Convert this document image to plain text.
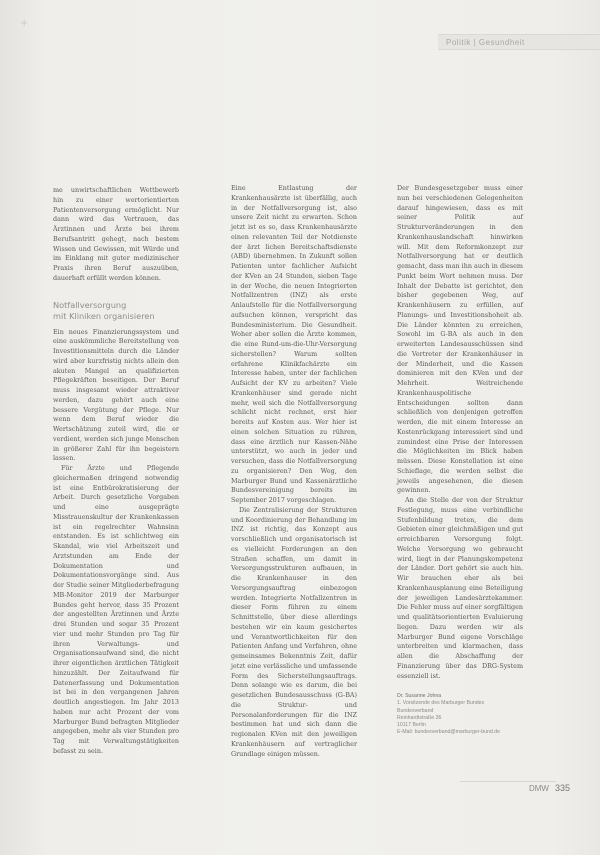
+
Politik | Gesundheit

me unwirtschaftlichen Wettbewerb hin zu einer wertorientierten Patientenversorgung ermöglicht. Nur dann wird das Vertrauen, das Ärztinnen und Ärzte bei ihrem Berufsantritt gehegt, nach bestem Wissen und Gewissen, mit Würde und im Einklang mit guter medizinischer Praxis ihren Beruf auszuüben, dauerhaft erfüllt werden können.

Notfallversorgung
mit Kliniken organisieren

Ein neues Finanzierungssystem und eine auskömmliche Bereitstellung von Investitionsmitteln durch die Länder wird aber kurzfristig nichts allein den akuten Mangel an qualifizierten Pflegekräften beseitigen. Der Beruf muss insgesamt wieder attraktiver werden, dazu gehört auch eine bessere Vergütung der Pflege. Nur wenn dem Beruf wieder die Wertschätzung zuteil wird, die er verdient, werden sich junge Menschen in größerer Zahl für ihn begeistern lassen.

Für Ärzte und Pflegende gleichermaßen dringend notwendig ist eine Entbürokratisierung der Arbeit. Durch gesetzliche Vorgaben und eine ausgeprägte Misstrauenskultur der Krankenkassen ist ein regelrechter Wahnsinn entstanden. Es ist schlichtweg ein Skandal, wie viel Arbeitszeit und Arztstunden am Ende der Dokumentation und Dokumentationsvorgänge sind. Aus der Studie seiner Mitgliederbefragung MB-Monitor 2019 der Marburger Bundes geht hervor, dass 35 Prozent der angestellten Ärztinnen und Ärzte drei Stunden und sogar 35 Prozent vier und mehr Stunden pro Tag für ihren Verwaltungs- und Organisationsaufwand sind, die nicht ihrer eigentlichen ärztlichen Tätigkeit hinzuzählt. Der Zeitaufwand für Datenerfassung und Dokumentation ist bei in den vergangenen Jahren deutlich angestiegen. Im Jahr 2013 haben nur acht Prozent der vom Marburger Bund befragten Mitglieder angegeben, mehr als vier Stunden pro Tag mit Verwaltungstätigkeiten befasst zu sein.

Eine Entlastung der Krankenhausärzte ist überfällig, auch in der Notfallversorgung ist, also unsere Zeit nicht zu erwarten. Schon jetzt ist es so, dass Krankenhausärzte einen relevanten Teil der Notdienste der ärzt lichen Bereitschaftsdienste (ABD) übernehmen. In Zukunft sollen Patienten unter fachlicher Aufsicht der KVen an 24 Stunden, sieben Tage in der Woche, die neuen Integrierten Notfallzentren (INZ) als erste Anlaufstelle für die Notfallversorgung aufsuchen können, verspricht das Bundesministerium. Die Gesundheit. Woher aber sollen die Ärzte kommen, die eine Rund-um-die-Uhr-Versorgung sicherstellen? Warum sollten erfahrene Klinikfachärzte ein Interesse haben, unter der fachlichen Aufsicht der KV zu arbeiten? Viele Krankenhäuser sind gerade nicht mehr, weil sich die Notfallversorgung schlicht nicht rechnet, erst hier bereits auf Kosten aus. Wer hier ist einen solchen Situation zu rühren, dass eine ärztlich nur Kassen-Nähe unterstützt, wo auch in jeder und versuchen, dass die Notfallversorgung zu organisieren? Den Weg, den Marburger Bund und Kassenärztliche Bundesvereinigung bereits im September 2017 vorgeschlagen.

Die Zentralisierung der Strukturen und Koordinierung der Behandlung im INZ ist richtig, das Konzept aus vorschließlich und organisatorisch ist es vielleicht Forderungen an den Straßen schaffen, um damit in Versorgungsstrukturen aufbauen, in die Krankenhauser in den Versorgungsauftrag einbezogen werden. Integrierte Notfallzentren in dieser Form führen zu einem Schnittstelle, über diese allerdings bestehen wir ein kaum gesichertes und Verantwortlichkeiten für den Patienten Anfang und Verfahren, ohne gemeinsames Bekenntnis Zeit, dafür jetzt eine verlässliche und umfassende Form des Sicherstellungsauftrags. Denn solange wie es darum, die bei gesetzlichen Bundesausschuss (G-BA) die Struktur- und Personalanforderungen für die INZ bestimmen hat und sich dann die regionalen KVen mit den jeweiligen Krankenhäusern auf vertraglicher Grundlage einigen müssen.

Der Bundesgesetzgeber muss einer nun bei verschiedenen Gelegenheiten darauf hingewiesen, dass es mit seiner Politik auf Strukturveränderungen in den Krankenhauslandschaft hinwirken will. Mit dem Reformkonzept zur Notfallversorgung hat er deutlich gemacht, dass man ihn auch in diesem Punkt beim Wort nehmen muss. Der Inhalt der Debatte ist gerichtet, den bisher gegebenen Weg, auf Krankenhäusern zu erfüllen, auf Planungs- und Investitionshoheit ab. Die Länder könnten zu erreichen, Sowohl im G-BA als auch in den erweiterten Landesausschüssen sind die Vertreter der Krankenhäuser in der Minderheit, und die Kassen dominieren mit den KVen und der Mehrheit. Weitreichende Krankenhauspolitische Entscheidungen sollten dann schließlich von denjenigen getroffen werden, die mit einem Interesse an Kostenrückgang interessiert sind und zumindest eine Prise der Interessen die Möglichkeiten im Blick haben müssen. Diese Konstellation ist eine Schieflage, die werden selbst die jeweils angesehenen, die diesen gewinnen.

An die Stelle der von der Struktur Festlegung, muss eine verbindliche Stufenbildung treten, die dem Gebieten einer gleichmäßigen und gut erreichbaren Versorgung folgt. Welche Versorgung wo gebraucht wird, liegt in der Planungskompetenz der Länder. Dort gehört sie auch hin. Wir brauchen eher als bei Krankenhausplanung eine Beteiligung der jeweiligen Landesärztekammer. Die Fehler muss auf einer sorgfältigen und qualitätsorientierten Evaluierung liegen. Dazu werden wir als Marburger Bund eigene Vorschläge unterbreiten und klarmachen, dass allen die Abschaffung der Finanzierung über das DRG-System essenziell ist.

Dr. Susanne Johna
1. Vorsitzende des Marburger Bundes
Bundesverband
Reinhardtstraße 36
10117 Berlin
E-Mail: bundesverband@marburger-bund.de
DMW 335
